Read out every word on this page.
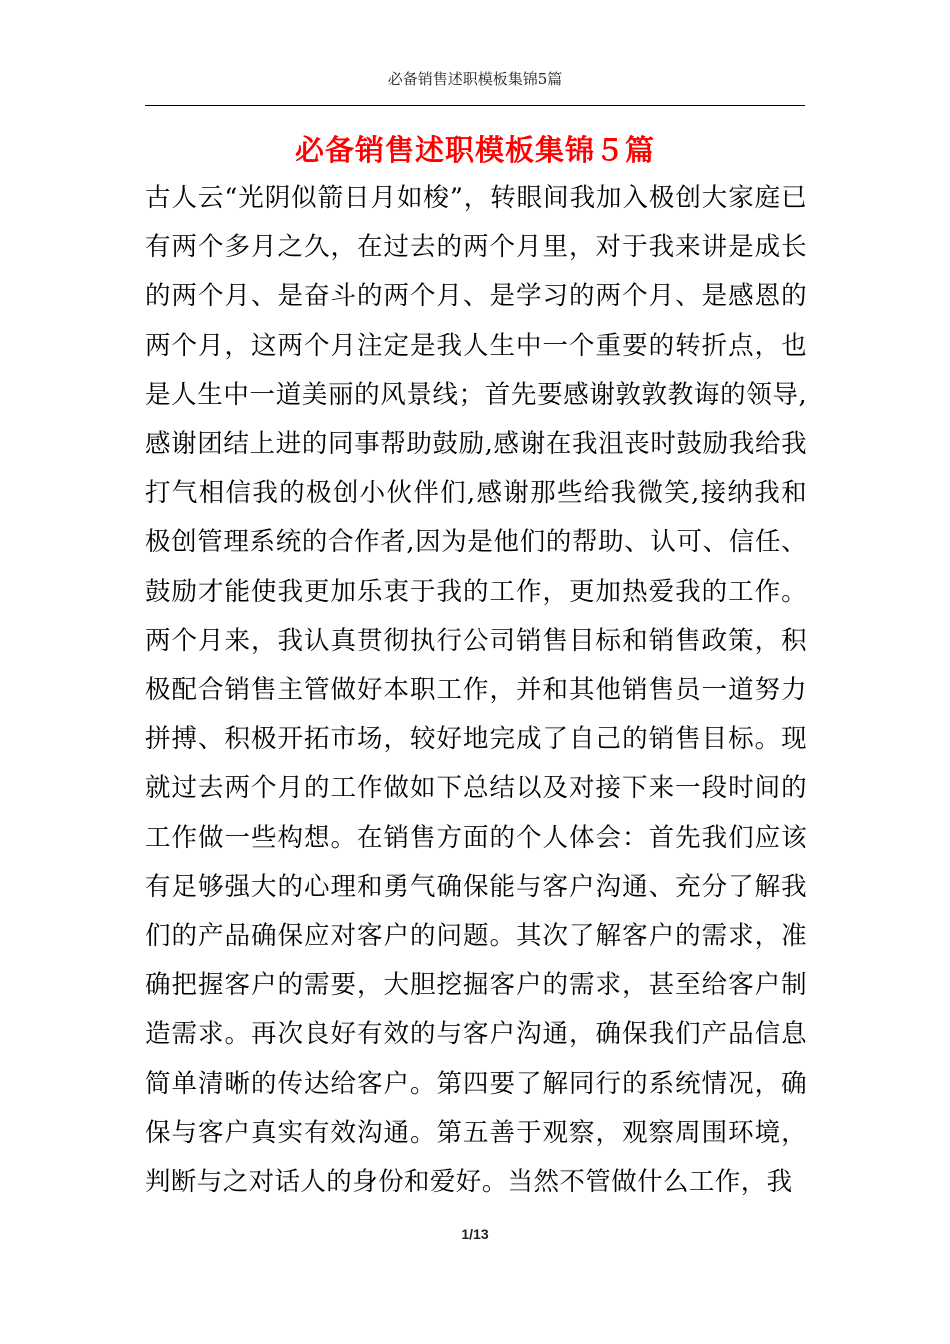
必备销售述职模板集锦5篇
必备销售述职模板集锦５篇

古人云“光阴似箭日月如梭”，转眼间我加入极创大家庭已有两个多月之久，在过去的两个月里，对于我来讲是成长的两个月、是奋斗的两个月、是学习的两个月、是感恩的两个月，这两个月注定是我人生中一个重要的转折点，也是人生中一道美丽的风景线；首先要感谢敦敦教诲的领导,感谢团结上进的同事帮助鼓励,感谢在我沮丧时鼓励我给我打气相信我的极创小伙伴们,感谢那些给我微笑,接纳我和极创管理系统的合作者,因为是他们的帮助、认可、信任、鼓励才能使我更加乐衷于我的工作，更加热爱我的工作。两个月来，我认真贯彻执行公司销售目标和销售政策，积极配合销售主管做好本职工作，并和其他销售员一道努力拼搏、积极开拓市场，较好地完成了自己的销售目标。现就过去两个月的工作做如下总结以及对接下来一段时间的工作做一些构想。在销售方面的个人体会：首先我们应该有足够强大的心理和勇气确保能与客户沟通、充分了解我们的产品确保应对客户的问题。其次了解客户的需求，准确把握客户的需要，大胆挖掘客户的需求，甚至给客户制造需求。再次良好有效的与客户沟通，确保我们产品信息简单清晰的传达给客户。第四要了解同行的系统情况，确保与客户真实有效沟通。第五善于观察，观察周围环境，判断与之对话人的身份和爱好。当然不管做什么工作，我

1/13
